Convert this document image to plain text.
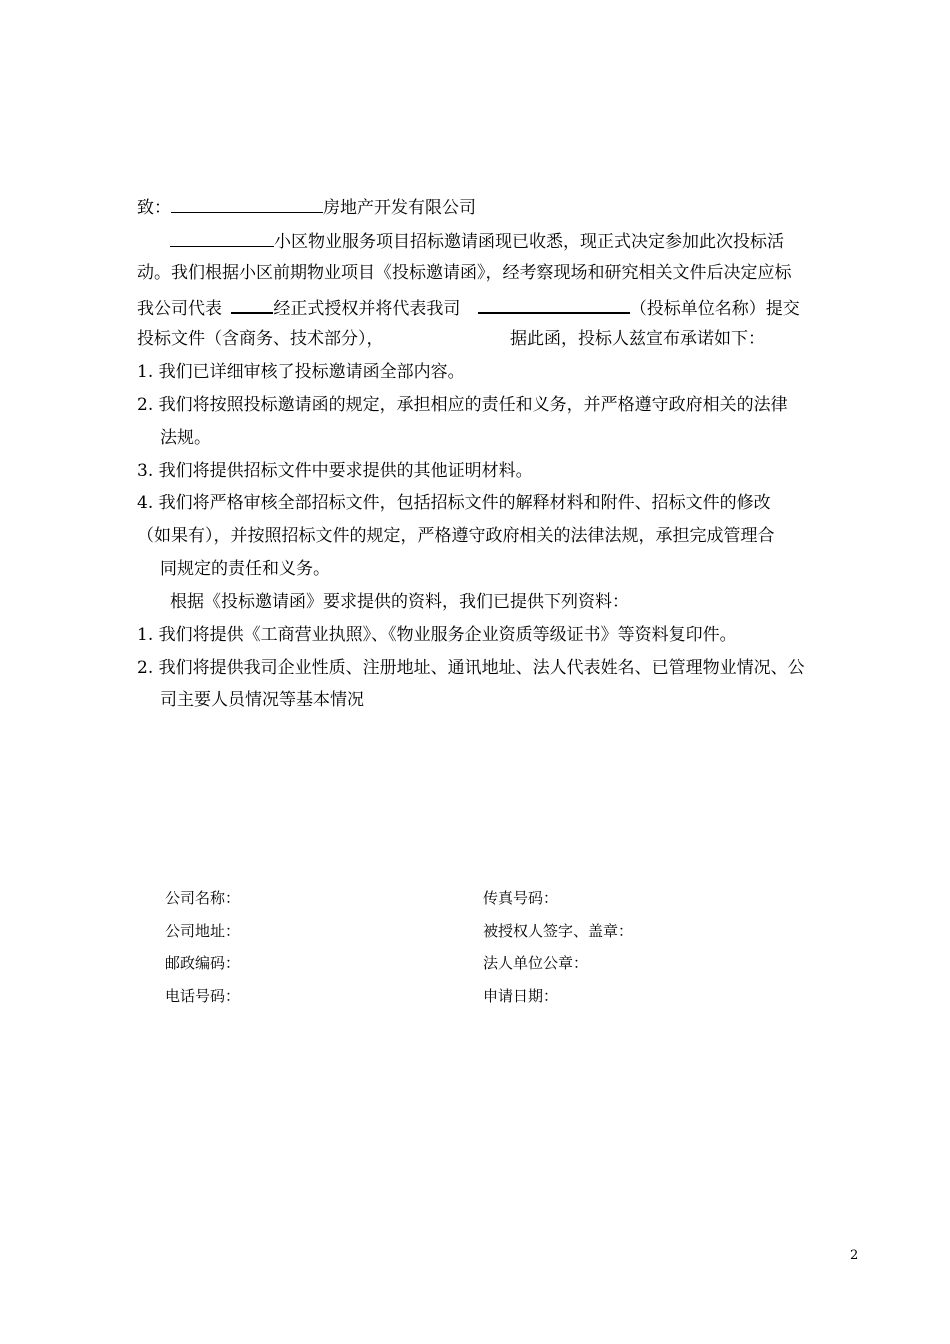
致：	房地产开发有限公司
小区物业服务项目招标邀请函现已收悉，现正式决定参加此次投标活
动。我们根据小区前期物业项目《投标邀请函》，经考察现场和研究相关文件后决定应标
我公司代表	经正式授权并将代表我司	（投标单位名称）提交
投标文件（含商务、技术部分），	据此函，投标人兹宣布承诺如下：
1. 我们已详细审核了投标邀请函全部内容。
2. 我们将按照投标邀请函的规定，承担相应的责任和义务，并严格遵守政府相关的法律
法规。
3. 我们将提供招标文件中要求提供的其他证明材料。
4. 我们将严格审核全部招标文件，包括招标文件的解释材料和附件、招标文件的修改
（如果有），并按照招标文件的规定，严格遵守政府相关的法律法规，承担完成管理合
同规定的责任和义务。
根据《投标邀请函》要求提供的资料，我们已提供下列资料：
1. 我们将提供《工商营业执照》、《物业服务企业资质等级证书》等资料复印件。
2. 我们将提供我司企业性质、注册地址、通讯地址、法人代表姓名、已管理物业情况、公
司主要人员情况等基本情况
公司名称：	传真号码：
公司地址：	被授权人签字、盖章：
邮政编码：	法人单位公章：
电话号码：	申请日期：
2
